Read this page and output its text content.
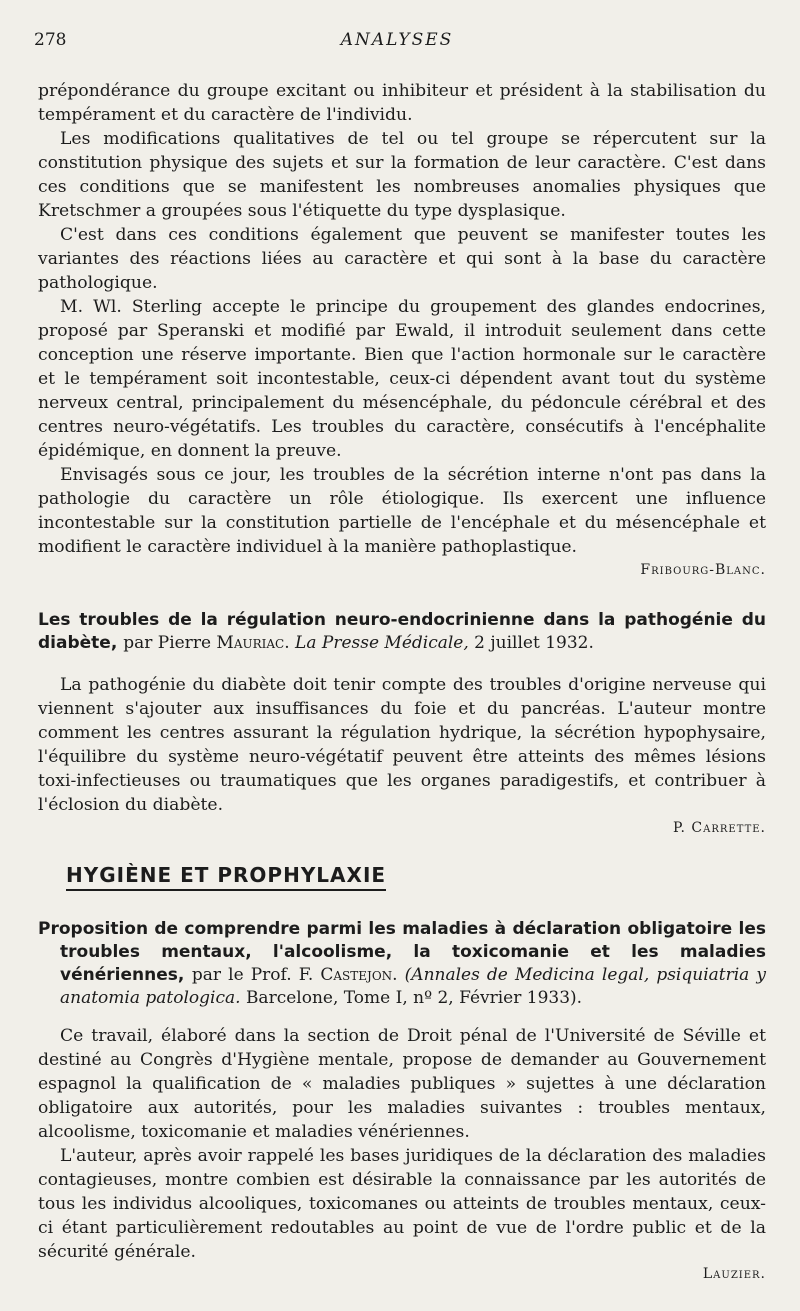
278	ANALYSES

prépondérance du groupe excitant ou inhibiteur et président à la stabilisation du tempérament et du caractère de l'individu.

Les modifications qualitatives de tel ou tel groupe se répercutent sur la constitution physique des sujets et sur la formation de leur caractère. C'est dans ces conditions que se manifestent les nombreuses anomalies physiques que Kretschmer a groupées sous l'étiquette du type dysplasique.

C'est dans ces conditions également que peuvent se manifester toutes les variantes des réactions liées au caractère et qui sont à la base du caractère pathologique.

M. Wl. Sterling accepte le principe du groupement des glandes endocrines, proposé par Speranski et modifié par Ewald, il introduit seulement dans cette conception une réserve importante. Bien que l'action hormonale sur le caractère et le tempérament soit incontestable, ceux-ci dépendent avant tout du système nerveux central, principalement du mésencéphale, du pédoncule cérébral et des centres neuro-végétatifs. Les troubles du caractère, consécutifs à l'encéphalite épidémique, en donnent la preuve.

Envisagés sous ce jour, les troubles de la sécrétion interne n'ont pas dans la pathologie du caractère un rôle étiologique. Ils exercent une influence incontestable sur la constitution partielle de l'encéphale et du mésencéphale et modifient le caractère individuel à la manière pathoplastique.

Fribourg-Blanc.

Les troubles de la régulation neuro-endocrinienne dans la pathogénie du diabète, par Pierre Mauriac. La Presse Médicale, 2 juillet 1932.

La pathogénie du diabète doit tenir compte des troubles d'origine nerveuse qui viennent s'ajouter aux insuffisances du foie et du pancréas. L'auteur montre comment les centres assurant la régulation hydrique, la sécrétion hypophysaire, l'équilibre du système neuro-végétatif peuvent être atteints des mêmes lésions toxi-infectieuses ou traumatiques que les organes paradigestifs, et contribuer à l'éclosion du diabète.

P. Carrette.
HYGIÈNE ET PROPHYLAXIE

Proposition de comprendre parmi les maladies à déclaration obligatoire les troubles mentaux, l'alcoolisme, la toxicomanie et les maladies vénériennes, par le Prof. F. Castejon. (Annales de Medicina legal, psiquiatria y anatomia patologica. Barcelone, Tome I, nº 2, Février 1933).

Ce travail, élaboré dans la section de Droit pénal de l'Université de Séville et destiné au Congrès d'Hygiène mentale, propose de demander au Gouvernement espagnol la qualification de « maladies publiques » sujettes à une déclaration obligatoire aux autorités, pour les maladies suivantes : troubles mentaux, alcoolisme, toxicomanie et maladies vénériennes.

L'auteur, après avoir rappelé les bases juridiques de la déclaration des maladies contagieuses, montre combien est désirable la connaissance par les autorités de tous les individus alcooliques, toxicomanes ou atteints de troubles mentaux, ceux-ci étant particulièrement redoutables au point de vue de l'ordre public et de la sécurité générale.

Lauzier.
